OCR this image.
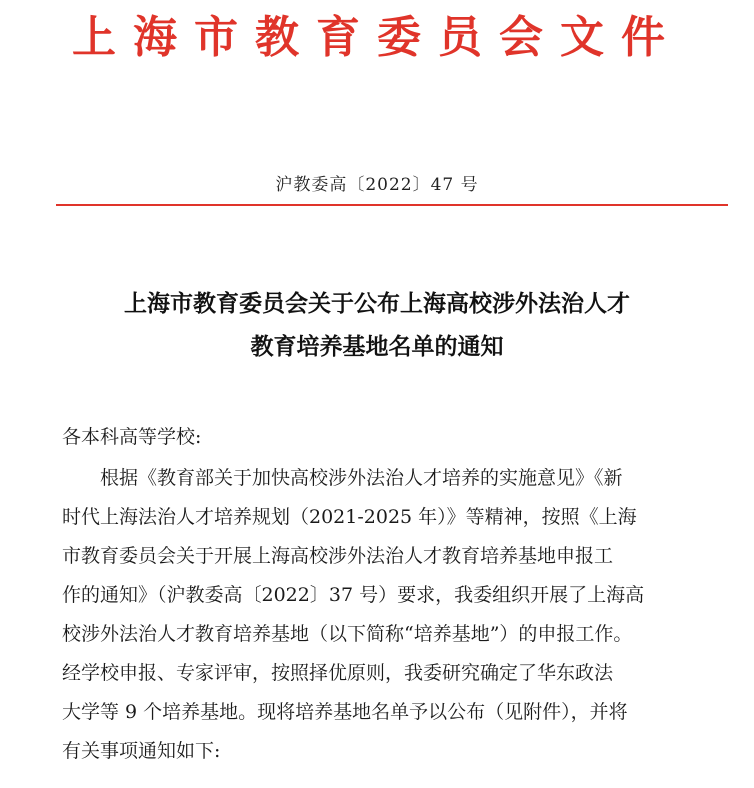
上海市教育委员会文件
沪教委高〔2022〕47 号
上海市教育委员会关于公布上海高校涉外法治人才
教育培养基地名单的通知
各本科高等学校:
根据《教育部关于加快高校涉外法治人才培养的实施意见》《新
时代上海法治人才培养规划（2021-2025 年）》等精神，按照《上海
市教育委员会关于开展上海高校涉外法治人才教育培养基地申报工
作的通知》（沪教委高〔2022〕37 号）要求，我委组织开展了上海高
校涉外法治人才教育培养基地（以下简称“培养基地”）的申报工作。
经学校申报、专家评审，按照择优原则，我委研究确定了华东政法
大学等 9 个培养基地。现将培养基地名单予以公布（见附件），并将
有关事项通知如下:
